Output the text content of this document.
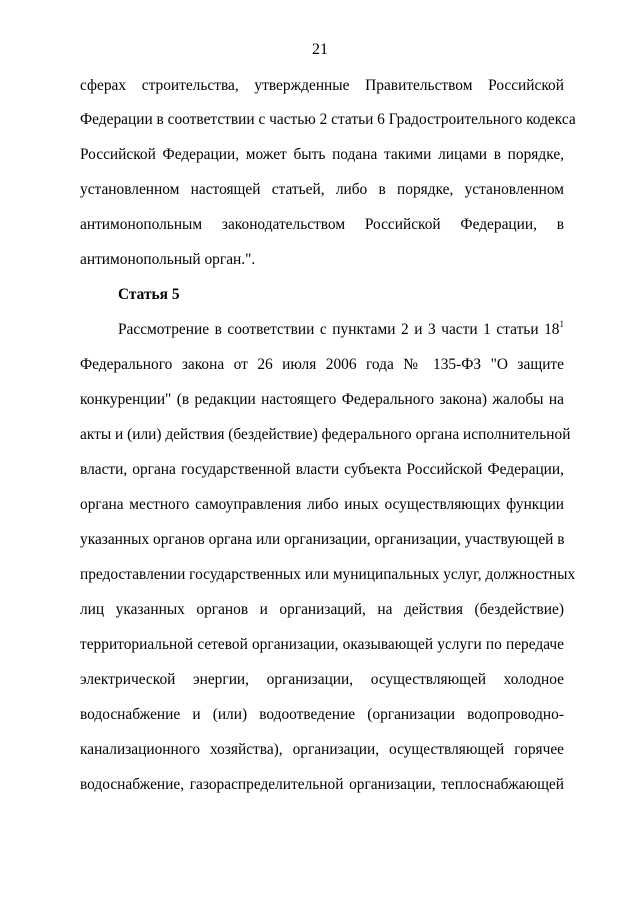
21
сферах строительства, утвержденные Правительством Российской
Федерации в соответствии с частью 2 статьи 6 Градостроительного кодекса
Российской Федерации, может быть подана такими лицами в порядке,
установленном настоящей статьей, либо в порядке, установленном
антимонопольным законодательством Российской Федерации, в
антимонопольный орган.".
Статья 5
Рассмотрение в соответствии с пунктами 2 и 3 части 1 статьи $18^1$
Федерального закона от 26 июля 2006 года № 135-ФЗ "О защите
конкуренции" (в редакции настоящего Федерального закона) жалобы на
акты и (или) действия (бездействие) федерального органа исполнительной
власти, органа государственной власти субъекта Российской Федерации,
органа местного самоуправления либо иных осуществляющих функции
указанных органов органа или организации, организации, участвующей в
предоставлении государственных или муниципальных услуг, должностных
лиц указанных органов и организаций, на действия (бездействие)
территориальной сетевой организации, оказывающей услуги по передаче
электрической энергии, организации, осуществляющей холодное
водоснабжение и (или) водоотведение (организации водопроводно-
канализационного хозяйства), организации, осуществляющей горячее
водоснабжение, газораспределительной организации, теплоснабжающей
